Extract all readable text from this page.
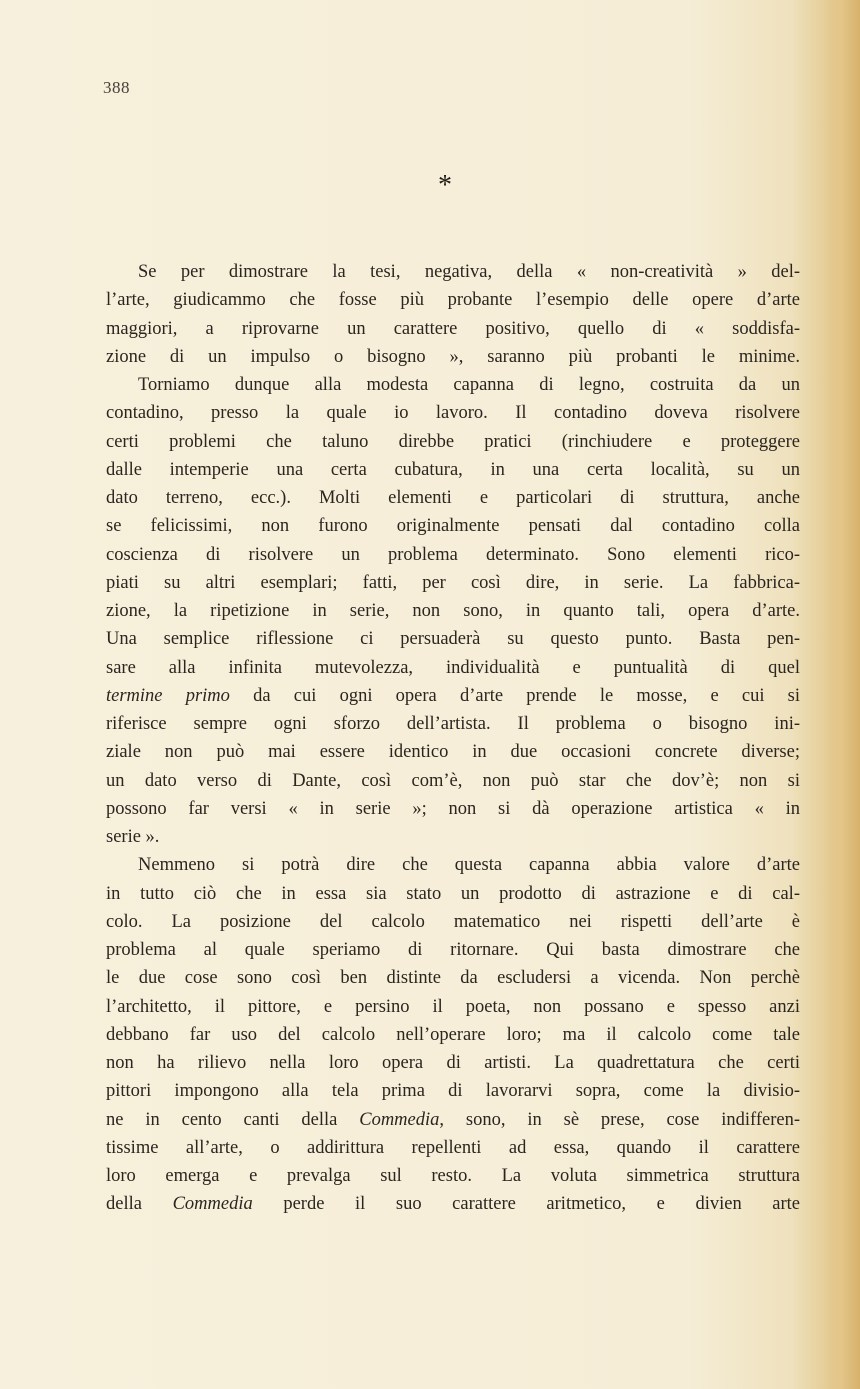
388
*
Se per dimostrare la tesi, negativa, della « non-creatività » del-
l’arte, giudicammo che fosse più probante l’esempio delle opere d’arte
maggiori, a riprovarne un carattere positivo, quello di « soddisfa-
zione di un impulso o bisogno », saranno più probanti le minime.
Torniamo dunque alla modesta capanna di legno, costruita da un
contadino, presso la quale io lavoro. Il contadino doveva risolvere
certi problemi che taluno direbbe pratici (rinchiudere e proteggere
dalle intemperie una certa cubatura, in una certa località, su un
dato terreno, ecc.). Molti elementi e particolari di struttura, anche
se felicissimi, non furono originalmente pensati dal contadino colla
coscienza di risolvere un problema determinato. Sono elementi rico-
piati su altri esemplari; fatti, per così dire, in serie. La fabbrica-
zione, la ripetizione in serie, non sono, in quanto tali, opera d’arte.
Una semplice riflessione ci persuaderà su questo punto. Basta pen-
sare alla infinita mutevolezza, individualità e puntualità di quel
termine primo da cui ogni opera d’arte prende le mosse, e cui si
riferisce sempre ogni sforzo dell’artista. Il problema o bisogno ini-
ziale non può mai essere identico in due occasioni concrete diverse;
un dato verso di Dante, così com’è, non può star che dov’è; non si
possono far versi « in serie »; non si dà operazione artistica « in
serie ».
Nemmeno si potrà dire che questa capanna abbia valore d’arte
in tutto ciò che in essa sia stato un prodotto di astrazione e di cal-
colo. La posizione del calcolo matematico nei rispetti dell’arte è
problema al quale speriamo di ritornare. Qui basta dimostrare che
le due cose sono così ben distinte da escludersi a vicenda. Non perchè
l’architetto, il pittore, e persino il poeta, non possano e spesso anzi
debbano far uso del calcolo nell’operare loro; ma il calcolo come tale
non ha rilievo nella loro opera di artisti. La quadrettatura che certi
pittori impongono alla tela prima di lavorarvi sopra, come la divisio-
ne in cento canti della Commedia, sono, in sè prese, cose indifferen-
tissime all’arte, o addirittura repellenti ad essa, quando il carattere
loro emerga e prevalga sul resto. La voluta simmetrica struttura
della Commedia perde il suo carattere aritmetico, e divien arte
